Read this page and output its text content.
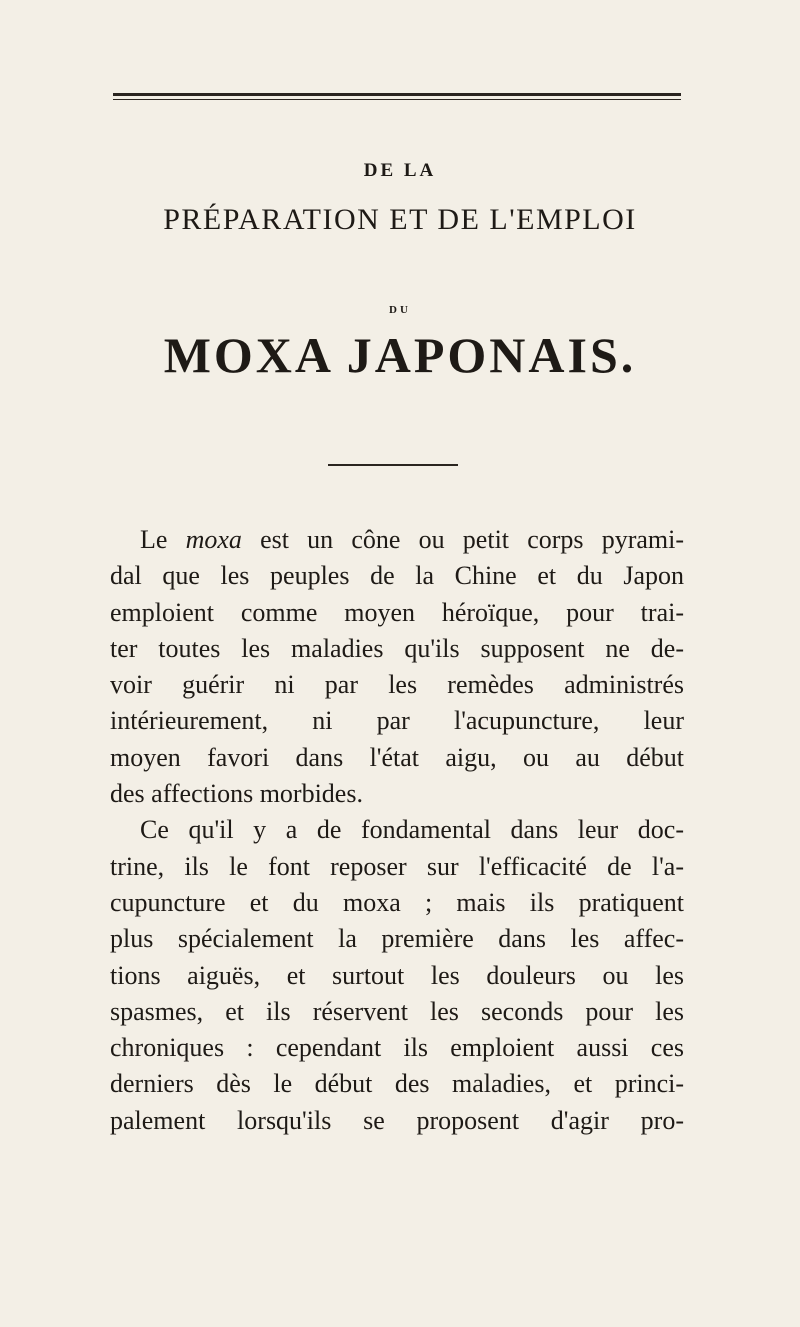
DE LA
PRÉPARATION ET DE L'EMPLOI
DU
MOXA JAPONAIS.
Le moxa est un cône ou petit corps pyrami-
dal que les peuples de la Chine et du Japon
emploient comme moyen héroïque, pour trai-
ter toutes les maladies qu'ils supposent ne de-
voir guérir ni par les remèdes administrés
intérieurement, ni par l'acupuncture, leur
moyen favori dans l'état aigu, ou au début
des affections morbides.
Ce qu'il y a de fondamental dans leur doc-
trine, ils le font reposer sur l'efficacité de l'a-
cupuncture et du moxa ; mais ils pratiquent
plus spécialement la première dans les affec-
tions aiguës, et surtout les douleurs ou les
spasmes, et ils réservent les seconds pour les
chroniques : cependant ils emploient aussi ces
derniers dès le début des maladies, et princi-
palement lorsqu'ils se proposent d'agir pro-
